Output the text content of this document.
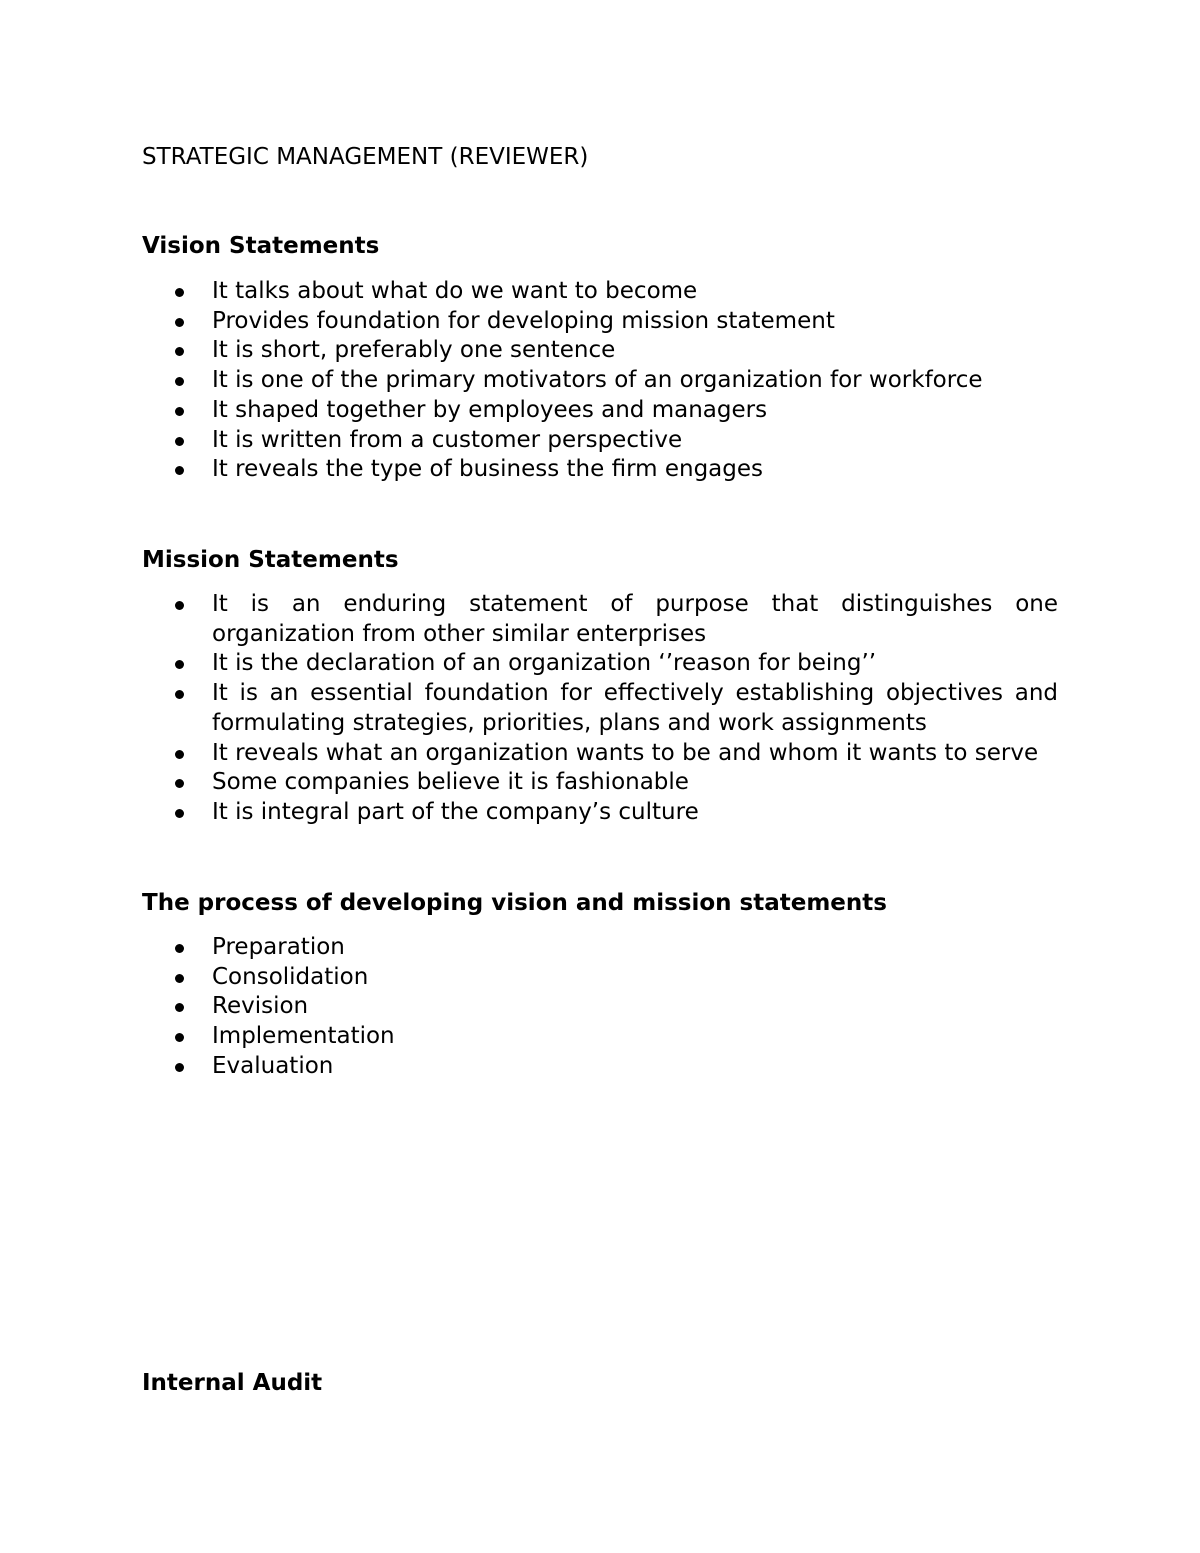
STRATEGIC MANAGEMENT (REVIEWER)
Vision Statements
It talks about what do we want to become
Provides foundation for developing mission statement
It is short, preferably one sentence
It is one of the primary motivators of an organization for workforce
It shaped together by employees and managers
It is written from a customer perspective
It reveals the type of business the firm engages
Mission Statements
It is an enduring statement of purpose that distinguishes one organization from other similar enterprises
It is the declaration of an organization ‘’reason for being’’
It is an essential foundation for effectively establishing objectives and formulating strategies, priorities, plans and work assignments
It reveals what an organization wants to be and whom it wants to serve
Some companies believe it is fashionable
It is integral part of the company’s culture
The process of developing vision and mission statements
Preparation
Consolidation
Revision
Implementation
Evaluation
Internal Audit
